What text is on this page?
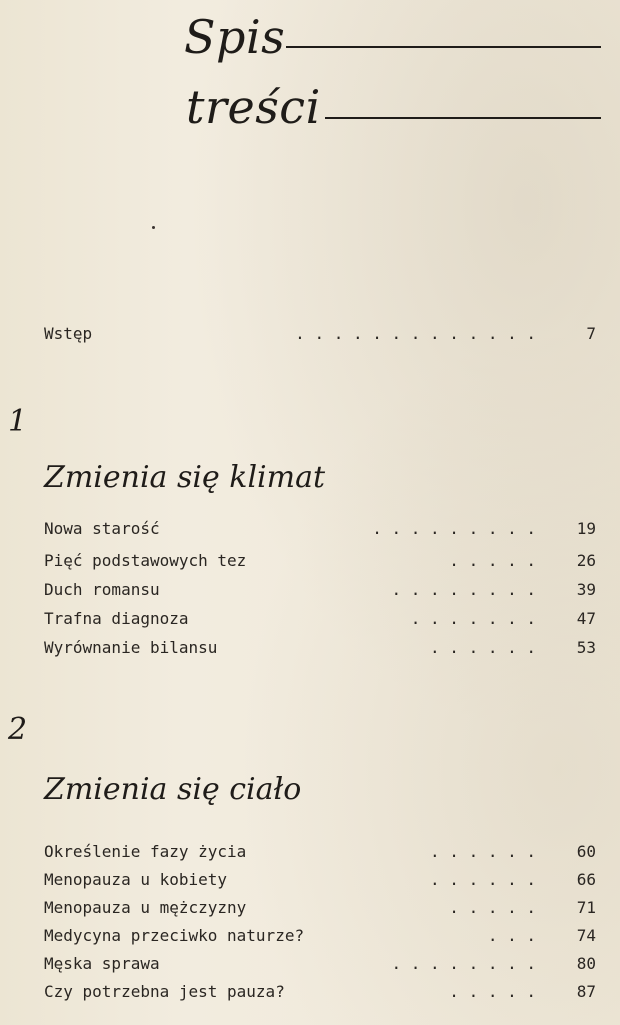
Spis
treści
Wstęp	. . . . . . . . . . . . .	7
1
Zmienia się klimat
Nowa starość	. . . . . . . . .	19
Pięć podstawowych tez	. . . . .	26
Duch romansu	. . . . . . . .	39
Trafna diagnoza	. . . . . . .	47
Wyrównanie bilansu	. . . . . .	53
2
Zmienia się ciało
Określenie fazy życia	. . . . . .	60
Menopauza u kobiety	. . . . . .	66
Menopauza u mężczyzny	. . . . .	71
Medycyna przeciwko naturze?	. . .	74
Męska sprawa	. . . . . . . .	80
Czy potrzebna jest pauza?	. . . . .	87
